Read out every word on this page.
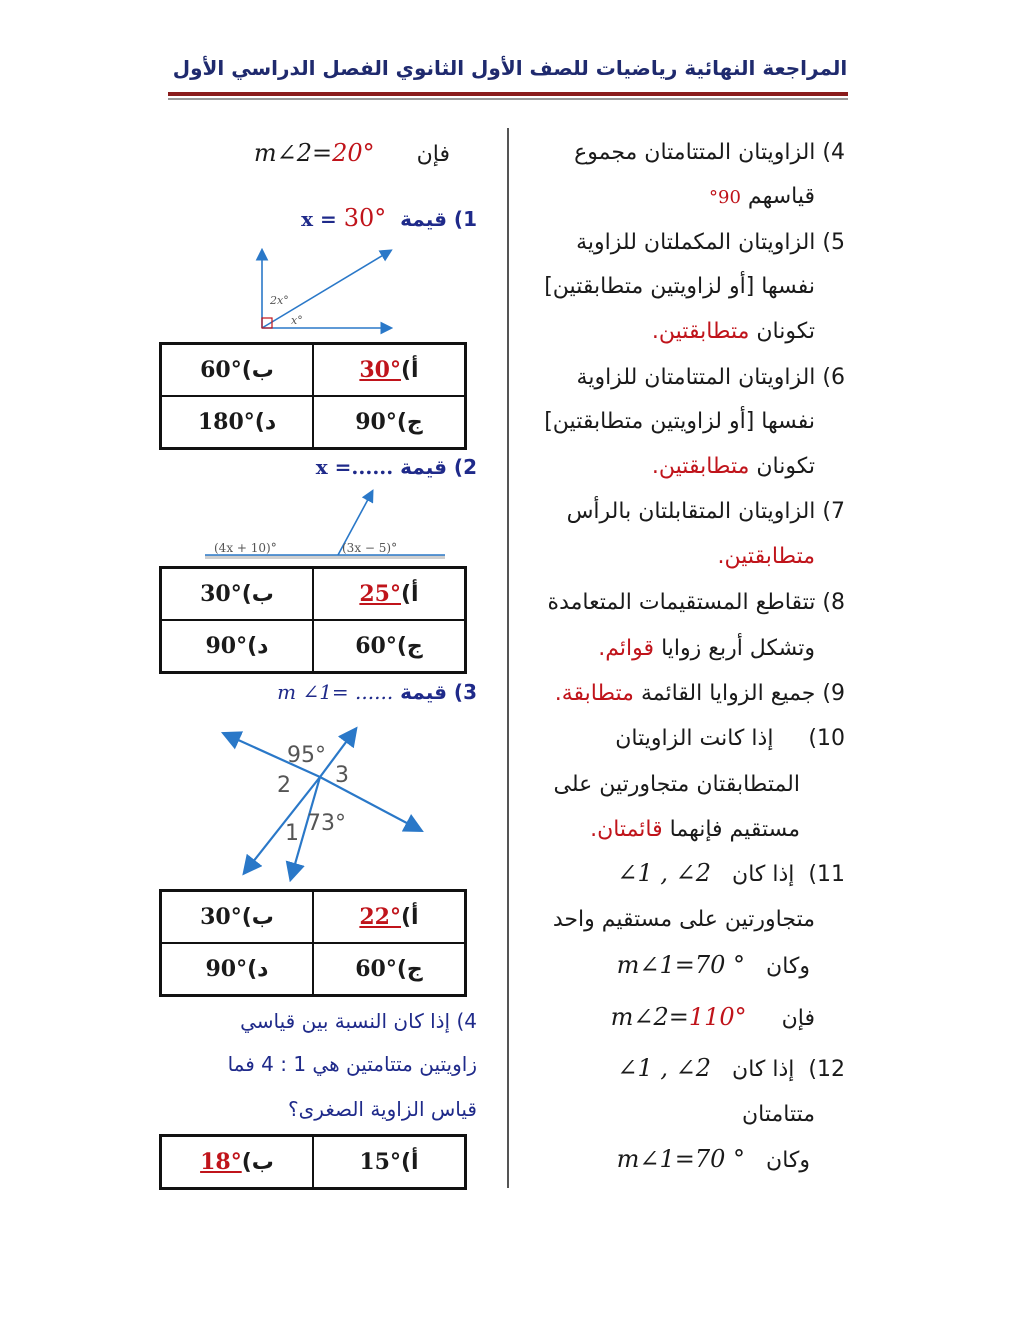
المراجعة النهائية رياضيات للصف الأول الثانوي الفصل الدراسي الأول
4) الزاويتان المتتامتان مجموع
قياسهم 90°
5) الزاويتان المكملتان للزاوية
نفسها [أو لزاويتين متطابقتين]
تكونان متطابقتين.
6) الزاويتان المتتامتان للزاوية
نفسها [أو لزاويتين متطابقتين]
تكونان متطابقتين.
7) الزاويتان المتقابلتان بالرأس
متطابقتين.
8) تتقاطع المستقيمات المتعامدة
وتشكل أربع زوايا قوائم.
9) جميع الزوايا القائمة متطابقة.
10)     إذا كانت الزاويتان
المتطابقتان متجاورتين على
مستقيم فإنهما قائمتان.
11)  إذا كان   ∠1 , ∠2
متجاورتين على مستقيم واحد
وكان   m∠1=70 °
فإن     m∠2=110°
12)  إذا كان   ∠1 , ∠2
متتامتان
وكان   m∠1=70 °
فإن      m∠2=20°
1) قيمة  x = 30°
2x°
x°
ب)60°	أ)30°
د)180°	ج)90°
2) قيمة x =......
(4x + 10)°	(3x − 5)°
ب)30°	أ)25°
د)90°	ج)60°
3) قيمة m ∠1= ......
95°
2 3
1 73°
ب)30°	أ)22°
د)90°	ج)60°
4) إذا كان النسبة بين قياسي
زاويتين متتامتين هي 1 : 4 فما
قياس الزاوية الصغرى؟
ب)18°	أ)15°
